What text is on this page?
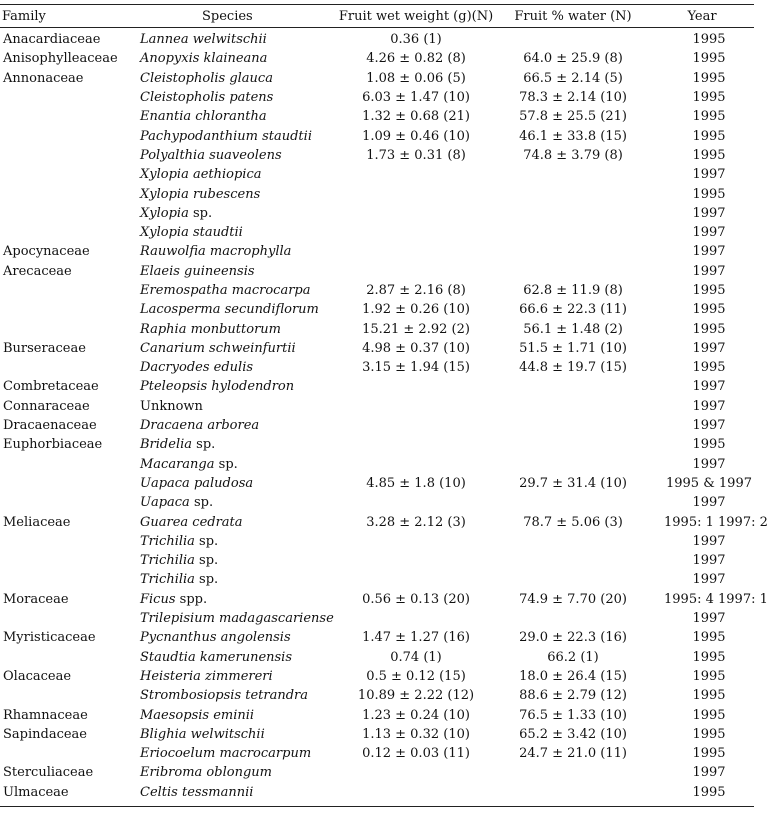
Family	Species	Fruit wet weight (g)(N)	Fruit % water (N)	Year
Anacardiaceae	Lannea welwitschii	0.36 (1)		1995
Anisophylleaceae	Anopyxis klaineana	4.26 ± 0.82 (8)	64.0 ± 25.9 (8)	1995
Annonaceae	Cleistopholis glauca	1.08 ± 0.06 (5)	66.5 ± 2.14 (5)	1995
	Cleistopholis patens	6.03 ± 1.47 (10)	78.3 ± 2.14 (10)	1995
	Enantia chlorantha	1.32 ± 0.68 (21)	57.8 ± 25.5 (21)	1995
	Pachypodanthium staudtii	1.09 ± 0.46 (10)	46.1 ± 33.8 (15)	1995
	Polyalthia suaveolens	1.73 ± 0.31 (8)	74.8 ± 3.79 (8)	1995
	Xylopia aethiopica			1997
	Xylopia rubescens			1995
	Xylopia sp.			1997
	Xylopia staudtii			1997
Apocynaceae	Rauwolfia macrophylla			1997
Arecaceae	Elaeis guineensis			1997
	Eremospatha macrocarpa	2.87 ± 2.16 (8)	62.8 ± 11.9 (8)	1995
	Lacosperma secundiflorum	1.92 ± 0.26 (10)	66.6 ± 22.3 (11)	1995
	Raphia monbuttorum	15.21 ± 2.92 (2)	56.1 ± 1.48 (2)	1995
Burseraceae	Canarium schweinfurtii	4.98 ± 0.37 (10)	51.5 ± 1.71 (10)	1997
	Dacryodes edulis	3.15 ± 1.94 (15)	44.8 ± 19.7 (15)	1995
Combretaceae	Pteleopsis hylodendron			1997
Connaraceae	Unknown			1997
Dracaenaceae	Dracaena arborea			1997
Euphorbiaceae	Bridelia sp.			1995
	Macaranga sp.			1997
	Uapaca paludosa	4.85 ± 1.8 (10)	29.7 ± 31.4 (10)	1995 & 1997
	Uapaca sp.			1997
Meliaceae	Guarea cedrata	3.28 ± 2.12 (3)	78.7 ± 5.06 (3)	1995: 1 1997: 2
	Trichilia sp.			1997
	Trichilia sp.			1997
	Trichilia sp.			1997
Moraceae	Ficus spp.	0.56 ± 0.13 (20)	74.9 ± 7.70 (20)	1995: 4 1997: 1
	Trilepisium madagascariense			1997
Myristicaceae	Pycnanthus angolensis	1.47 ± 1.27 (16)	29.0 ± 22.3 (16)	1995
	Staudtia kamerunensis	0.74 (1)	66.2 (1)	1995
Olacaceae	Heisteria zimmereri	0.5 ± 0.12 (15)	18.0 ± 26.4 (15)	1995
	Strombosiopsis tetrandra	10.89 ± 2.22 (12)	88.6 ± 2.79 (12)	1995
Rhamnaceae	Maesopsis eminii	1.23 ± 0.24 (10)	76.5 ± 1.33 (10)	1995
Sapindaceae	Blighia welwitschii	1.13 ± 0.32 (10)	65.2 ± 3.42 (10)	1995
	Eriocoelum macrocarpum	0.12 ± 0.03 (11)	24.7 ± 21.0 (11)	1995
Sterculiaceae	Eribroma oblongum			1997
Ulmaceae	Celtis tessmannii			1995
